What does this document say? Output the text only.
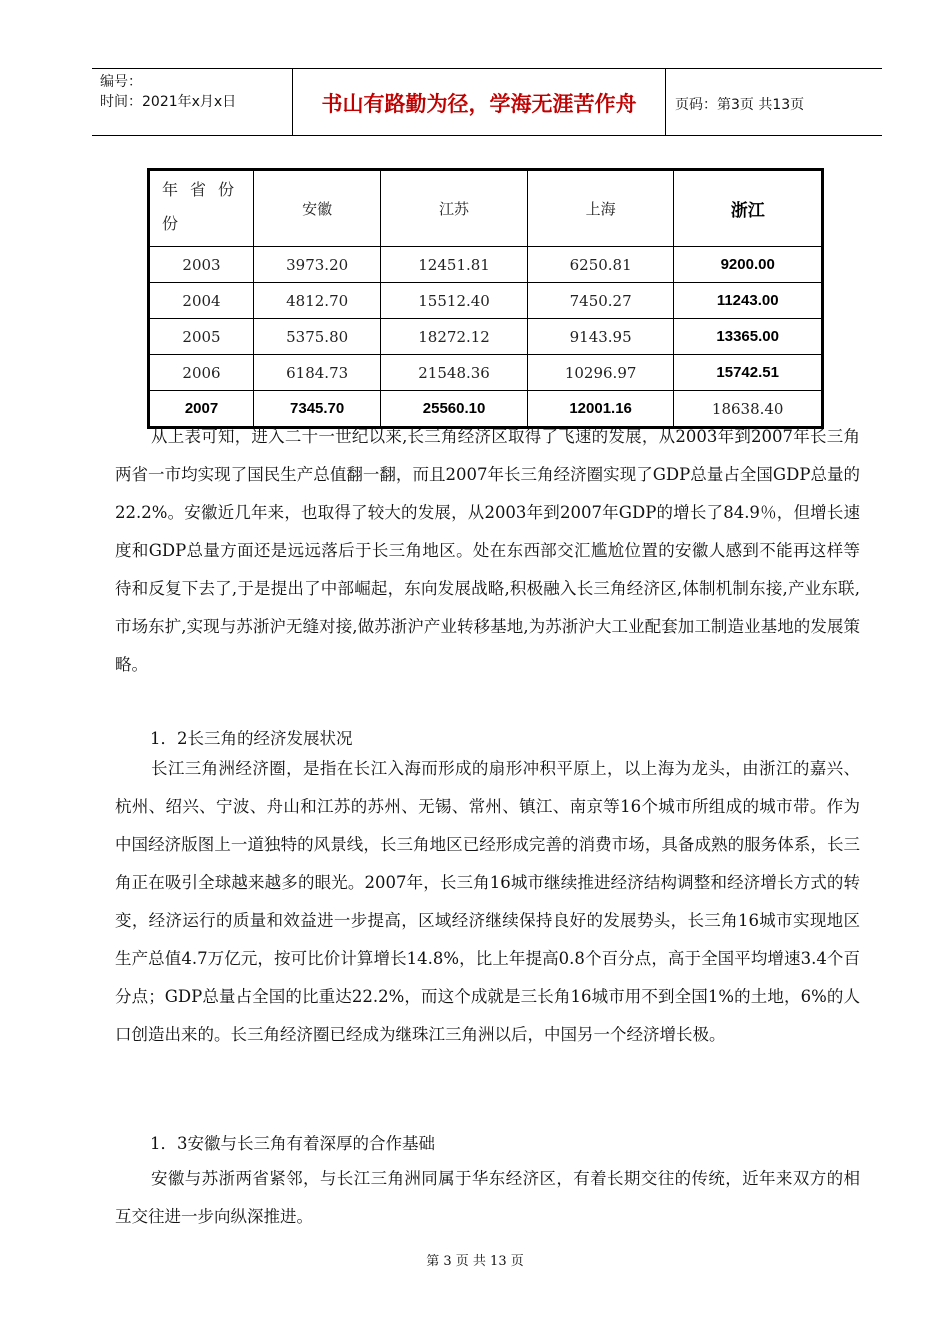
编号：
时间：2021年x月x日	书山有路勤为径，学海无涯苦作舟	页码：第3页 共13页
年省份
份	安徽	江苏	上海	浙江
2003	3973.20	12451.81	6250.81	9200.00
2004	4812.70	15512.40	7450.27	11243.00
2005	5375.80	18272.12	9143.95	13365.00
2006	6184.73	21548.36	10296.97	15742.51
2007	7345.70	25560.10	12001.16	18638.40

从上表可知，进入二十一世纪以来,长三角经济区取得了飞速的发展，从2003年到2007年长三角两省一市均实现了国民生产总值翻一翻，而且2007年长三角经济圈实现了GDP总量占全国GDP总量的22.2%。安徽近几年来，也取得了较大的发展，从2003年到2007年GDP的增长了84.9％，但增长速度和GDP总量方面还是远远落后于长三角地区。处在东西部交汇尴尬位置的安徽人感到不能再这样等待和反复下去了,于是提出了中部崛起，东向发展战略,积极融入长三角经济区,体制机制东接,产业东联,市场东扩,实现与苏浙沪无缝对接,做苏浙沪产业转移基地,为苏浙沪大工业配套加工制造业基地的发展策略。

1．2长三角的经济发展状况

长江三角洲经济圈，是指在长江入海而形成的扇形冲积平原上，以上海为龙头，由浙江的嘉兴、杭州、绍兴、宁波、舟山和江苏的苏州、无锡、常州、镇江、南京等16个城市所组成的城市带。作为中国经济版图上一道独特的风景线，长三角地区已经形成完善的消费市场，具备成熟的服务体系，长三角正在吸引全球越来越多的眼光。2007年，长三角16城市继续推进经济结构调整和经济增长方式的转变，经济运行的质量和效益进一步提高，区域经济继续保持良好的发展势头，长三角16城市实现地区生产总值4.7万亿元，按可比价计算增长14.8%，比上年提高0.8个百分点，高于全国平均增速3.4个百分点；GDP总量占全国的比重达22.2%，而这个成就是三长角16城市用不到全国1%的土地，6%的人口创造出来的。长三角经济圈已经成为继珠江三角洲以后，中国另一个经济增长极。

1．3安徽与长三角有着深厚的合作基础

安徽与苏浙两省紧邻，与长江三角洲同属于华东经济区，有着长期交往的传统，近年来双方的相互交往进一步向纵深推进。

第 3 页 共 13 页
